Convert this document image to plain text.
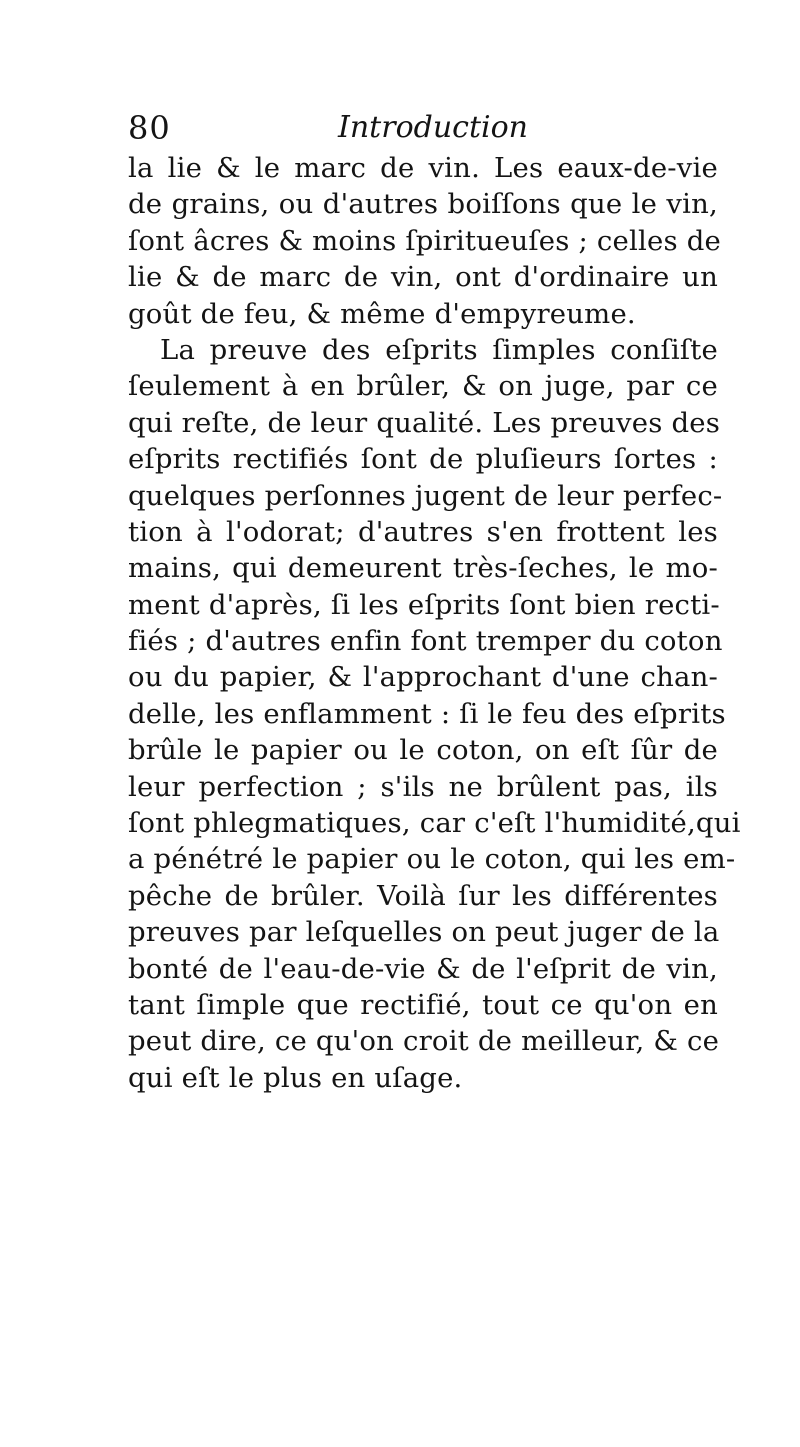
80	Introduction
la lie & le marc de vin. Les eaux-de-vie
de grains, ou d'autres boiſſons que le vin,
ſont âcres & moins ſpiritueuſes ; celles de
lie & de marc de vin, ont d'ordinaire un
goût de feu, & même d'empyreume.
La preuve des eſprits ſimples conſiſte
ſeulement à en brûler, & on juge, par ce
qui reſte, de leur qualité. Les preuves des
eſprits rectifiés ſont de pluſieurs ſortes :
quelques perſonnes jugent de leur perfec-
tion à l'odorat; d'autres s'en frottent les
mains, qui demeurent très-ſeches, le mo-
ment d'après, ſi les eſprits ſont bien recti-
fiés ; d'autres enfin font tremper du coton
ou du papier, & l'approchant d'une chan-
delle, les enflamment : ſi le feu des eſprits
brûle le papier ou le coton, on eſt ſûr de
leur perfection ; s'ils ne brûlent pas, ils
ſont phlegmatiques, car c'eſt l'humidité,qui
a pénétré le papier ou le coton, qui les em-
pêche de brûler. Voilà ſur les différentes
preuves par leſquelles on peut juger de la
bonté de l'eau-de-vie & de l'eſprit de vin,
tant ſimple que rectifié, tout ce qu'on en
peut dire, ce qu'on croit de meilleur, & ce
qui eſt le plus en uſage.
